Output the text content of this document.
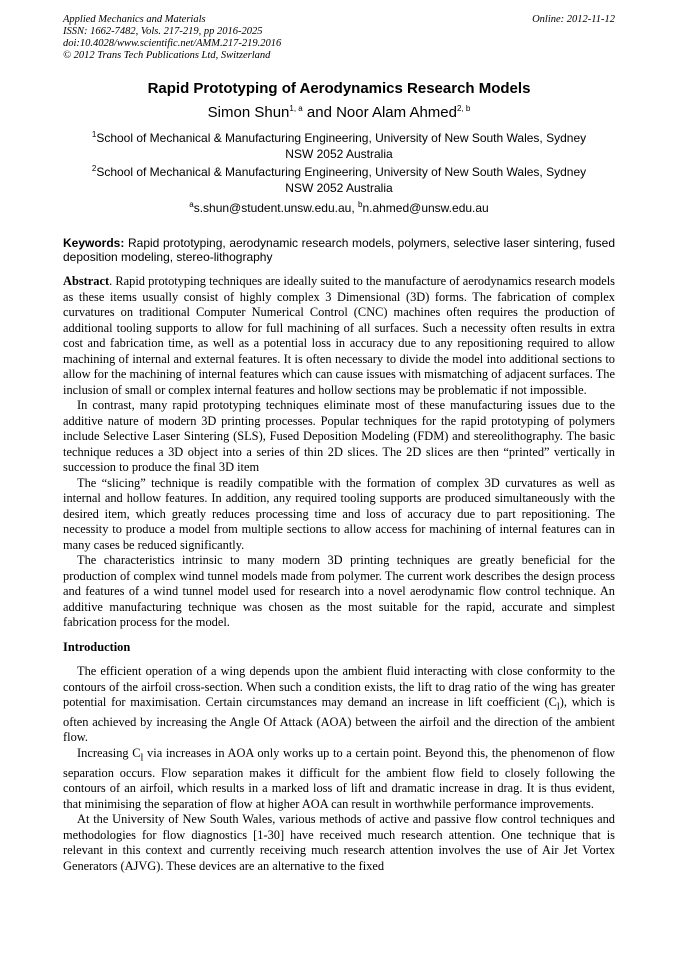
Applied Mechanics and Materials
ISSN: 1662-7482, Vols. 217-219, pp 2016-2025
doi:10.4028/www.scientific.net/AMM.217-219.2016
© 2012 Trans Tech Publications Ltd, Switzerland
Online: 2012-11-12
Rapid Prototyping of Aerodynamics Research Models
Simon Shun$^{1, a}$ and Noor Alam Ahmed$^{2, b}$
$^1$School of Mechanical & Manufacturing Engineering, University of New South Wales, Sydney
NSW 2052 Australia
$^2$School of Mechanical & Manufacturing Engineering, University of New South Wales, Sydney
NSW 2052 Australia
$^a$s.shun@student.unsw.edu.au, $^b$n.ahmed@unsw.edu.au
Keywords: Rapid prototyping, aerodynamic research models, polymers, selective laser sintering, fused deposition modeling, stereo-lithography

Abstract. Rapid prototyping techniques are ideally suited to the manufacture of aerodynamics research models as these items usually consist of highly complex 3 Dimensional (3D) forms. The fabrication of complex curvatures on traditional Computer Numerical Control (CNC) machines often requires the production of additional tooling supports to allow for full machining of all surfaces. Such a necessity often results in extra cost and fabrication time, as well as a potential loss in accuracy due to any repositioning required to allow machining of internal and external features. It is often necessary to divide the model into additional sections to allow for the machining of internal features which can cause issues with mismatching of adjacent surfaces. The inclusion of small or complex internal features and hollow sections may be problematic if not impossible.

In contrast, many rapid prototyping techniques eliminate most of these manufacturing issues due to the additive nature of modern 3D printing processes. Popular techniques for the rapid prototyping of polymers include Selective Laser Sintering (SLS), Fused Deposition Modeling (FDM) and stereolithography. The basic technique reduces a 3D object into a series of thin 2D slices. The 2D slices are then “printed” vertically in succession to produce the final 3D item

The “slicing” technique is readily compatible with the formation of complex 3D curvatures as well as internal and hollow features. In addition, any required tooling supports are produced simultaneously with the desired item, which greatly reduces processing time and loss of accuracy due to part repositioning. The necessity to produce a model from multiple sections to allow access for machining of internal features can in many cases be reduced significantly.

The characteristics intrinsic to many modern 3D printing techniques are greatly beneficial for the production of complex wind tunnel models made from polymer. The current work describes the design process and features of a wind tunnel model used for research into a novel aerodynamic flow control technique. An additive manufacturing technique was chosen as the most suitable for the rapid, accurate and simplest fabrication process for the model.

Introduction

The efficient operation of a wing depends upon the ambient fluid interacting with close conformity to the contours of the airfoil cross-section. When such a condition exists, the lift to drag ratio of the wing has greater potential for maximisation. Certain circumstances may demand an increase in lift coefficient $(C_l)$, which is often achieved by increasing the Angle Of Attack (AOA) between the airfoil and the direction of the ambient flow.

Increasing $C_l$ via increases in AOA only works up to a certain point. Beyond this, the phenomenon of flow separation occurs. Flow separation makes it difficult for the ambient flow field to closely following the contours of an airfoil, which results in a marked loss of lift and dramatic increase in drag. It is thus evident, that minimising the separation of flow at higher AOA can result in worthwhile performance improvements.

At the University of New South Wales, various methods of active and passive flow control techniques and methodologies for flow diagnostics [1-30] have received much research attention. One technique that is relevant in this context and currently receiving much research attention involves the use of Air Jet Vortex Generators (AJVG). These devices are an alternative to the fixed
